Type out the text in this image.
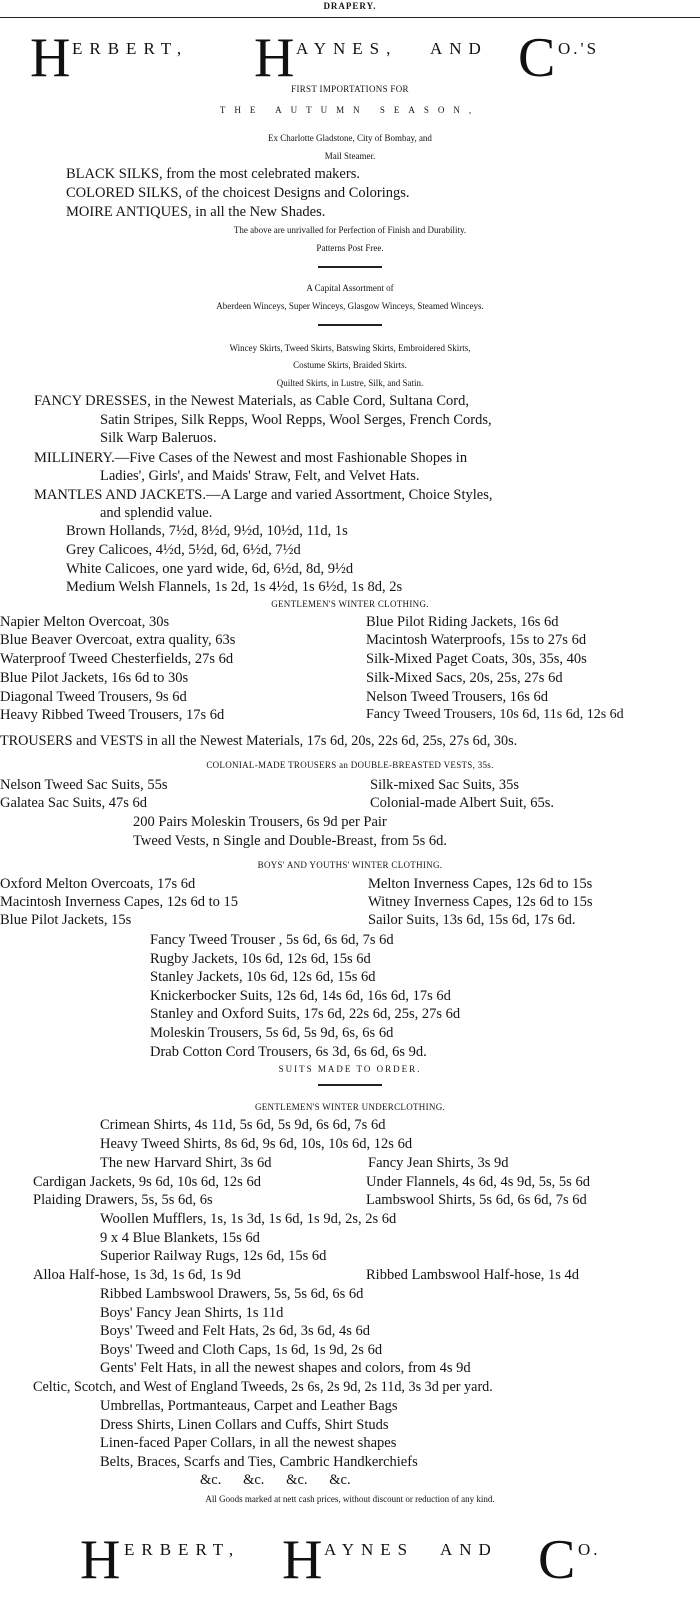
DRAPERY.
H ERBERT, H AYNES, AND C O.'S
FIRST IMPORTATIONS FOR
THE AUTUMN SEASON,
Ex Charlotte Gladstone, City of Bombay, and
Mail Steamer.
BLACK SILKS, from the most celebrated makers.
COLORED SILKS, of the choicest Designs and Colorings.
MOIRE ANTIQUES, in all the New Shades.
The above are unrivalled for Perfection of Finish and Durability.
Patterns Post Free.
A Capital Assortment of
Aberdeen Winceys, Super Winceys, Glasgow Winceys, Steamed Winceys.
Wincey Skirts, Tweed Skirts, Batswing Skirts, Embroidered Skirts,
Costume Skirts, Braided Skirts.
Quilted Skirts, in Lustre, Silk, and Satin.
FANCY DRESSES, in the Newest Materials, as Cable Cord, Sultana Cord,
Satin Stripes, Silk Repps, Wool Repps, Wool Serges, French Cords,
Silk Warp Baleruos.
MILLINERY.—Five Cases of the Newest and most Fashionable Shopes in
Ladies', Girls', and Maids' Straw, Felt, and Velvet Hats.
MANTLES AND JACKETS.—A Large and varied Assortment, Choice Styles,
and splendid value.
Brown Hollands, 7½d, 8½d, 9½d, 10½d, 11d, 1s
Grey Calicoes, 4½d, 5½d, 6d, 6½d, 7½d
White Calicoes, one yard wide, 6d, 6½d, 8d, 9½d
Medium Welsh Flannels, 1s 2d, 1s 4½d, 1s 6½d, 1s 8d, 2s
GENTLEMEN'S WINTER CLOTHING.
Napier Melton Overcoat, 30s	Blue Pilot Riding Jackets, 16s 6d
Blue Beaver Overcoat, extra quality, 63s	Macintosh Waterproofs, 15s to 27s 6d
Waterproof Tweed Chesterfields, 27s 6d	Silk-Mixed Paget Coats, 30s, 35s, 40s
Blue Pilot Jackets, 16s 6d to 30s	Silk-Mixed Sacs, 20s, 25s, 27s 6d
Diagonal Tweed Trousers, 9s 6d	Nelson Tweed Trousers, 16s 6d
Heavy Ribbed Tweed Trousers, 17s 6d	Fancy Tweed Trousers, 10s 6d, 11s 6d, 12s 6d
TROUSERS and VESTS in all the Newest Materials, 17s 6d, 20s, 22s 6d, 25s, 27s 6d, 30s.
COLONIAL-MADE TROUSERS an DOUBLE-BREASTED VESTS, 35s.
Nelson Tweed Sac Suits, 55s	Silk-mixed Sac Suits, 35s
Galatea Sac Suits, 47s 6d	Colonial-made Albert Suit, 65s.
200 Pairs Moleskin Trousers, 6s 9d per Pair
Tweed Vests, n Single and Double-Breast, from 5s 6d.
BOYS' AND YOUTHS' WINTER CLOTHING.
Oxford Melton Overcoats, 17s 6d	Melton Inverness Capes, 12s 6d to 15s
Macintosh Inverness Capes, 12s 6d to 15	Witney Inverness Capes, 12s 6d to 15s
Blue Pilot Jackets, 15s	Sailor Suits, 13s 6d, 15s 6d, 17s 6d.
Fancy Tweed Trouser , 5s 6d, 6s 6d, 7s 6d
Rugby Jackets, 10s 6d, 12s 6d, 15s 6d
Stanley Jackets, 10s 6d, 12s 6d, 15s 6d
Knickerbocker Suits, 12s 6d, 14s 6d, 16s 6d, 17s 6d
Stanley and Oxford Suits, 17s 6d, 22s 6d, 25s, 27s 6d
Moleskin Trousers, 5s 6d, 5s 9d, 6s, 6s 6d
Drab Cotton Cord Trousers, 6s 3d, 6s 6d, 6s 9d.
SUITS MADE TO ORDER.
GENTLEMEN'S WINTER UNDERCLOTHING.
Crimean Shirts, 4s 11d, 5s 6d, 5s 9d, 6s 6d, 7s 6d
Heavy Tweed Shirts, 8s 6d, 9s 6d, 10s, 10s 6d, 12s 6d
The new Harvard Shirt, 3s 6d	Fancy Jean Shirts, 3s 9d
Cardigan Jackets, 9s 6d, 10s 6d, 12s 6d	Under Flannels, 4s 6d, 4s 9d, 5s, 5s 6d
Plaiding Drawers, 5s, 5s 6d, 6s	Lambswool Shirts, 5s 6d, 6s 6d, 7s 6d
Woollen Mufflers, 1s, 1s 3d, 1s 6d, 1s 9d, 2s, 2s 6d
9 x 4 Blue Blankets, 15s 6d
Superior Railway Rugs, 12s 6d, 15s 6d
Alloa Half-hose, 1s 3d, 1s 6d, 1s 9d	Ribbed Lambswool Half-hose, 1s 4d
Ribbed Lambswool Drawers, 5s, 5s 6d, 6s 6d
Boys' Fancy Jean Shirts, 1s 11d
Boys' Tweed and Felt Hats, 2s 6d, 3s 6d, 4s 6d
Boys' Tweed and Cloth Caps, 1s 6d, 1s 9d, 2s 6d
Gents' Felt Hats, in all the newest shapes and colors, from 4s 9d
Celtic, Scotch, and West of England Tweeds, 2s 6s, 2s 9d, 2s 11d, 3s 3d per yard.
Umbrellas, Portmanteaus, Carpet and Leather Bags
Dress Shirts, Linen Collars and Cuffs, Shirt Studs
Linen-faced Paper Collars, in all the newest shapes
Belts, Braces, Scarfs and Ties, Cambric Handkerchiefs
&c.      &c.      &c.      &c.
All Goods marked at nett cash prices, without discount or reduction of any kind.
H ERBERT, H AYNES AND C O.
